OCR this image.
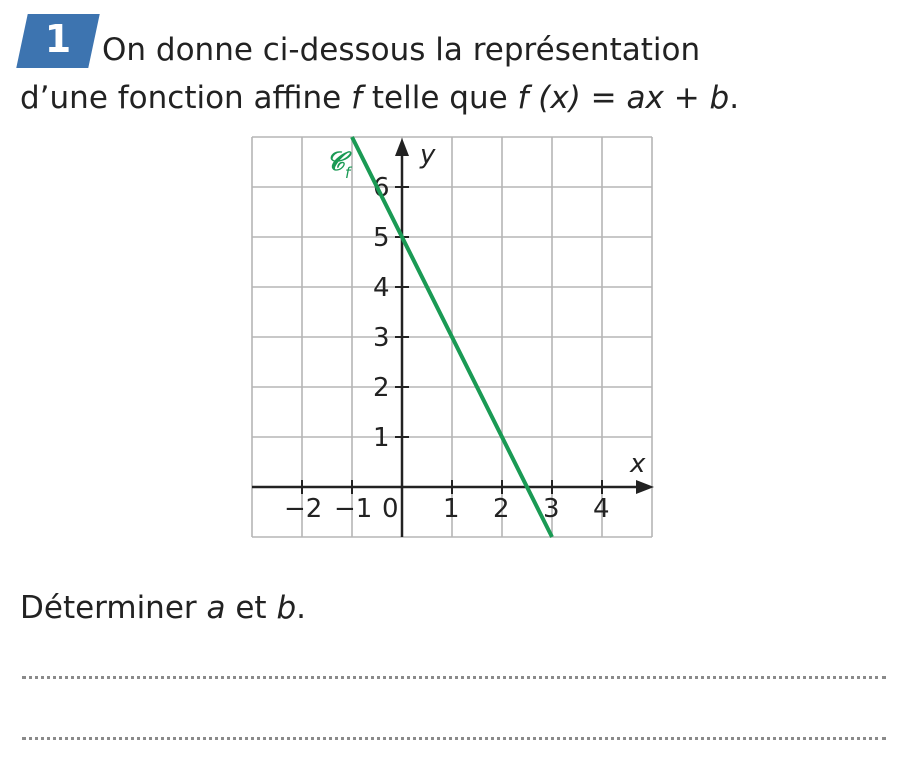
1 On donne ci-dessous la représentation
d’une fonction affine f telle que f (x) = ax + b.

x
y
−2 −1 0 1 2 3 4
1
2
3
4
5
6
𝒞$_f$

Déterminer a et b.
